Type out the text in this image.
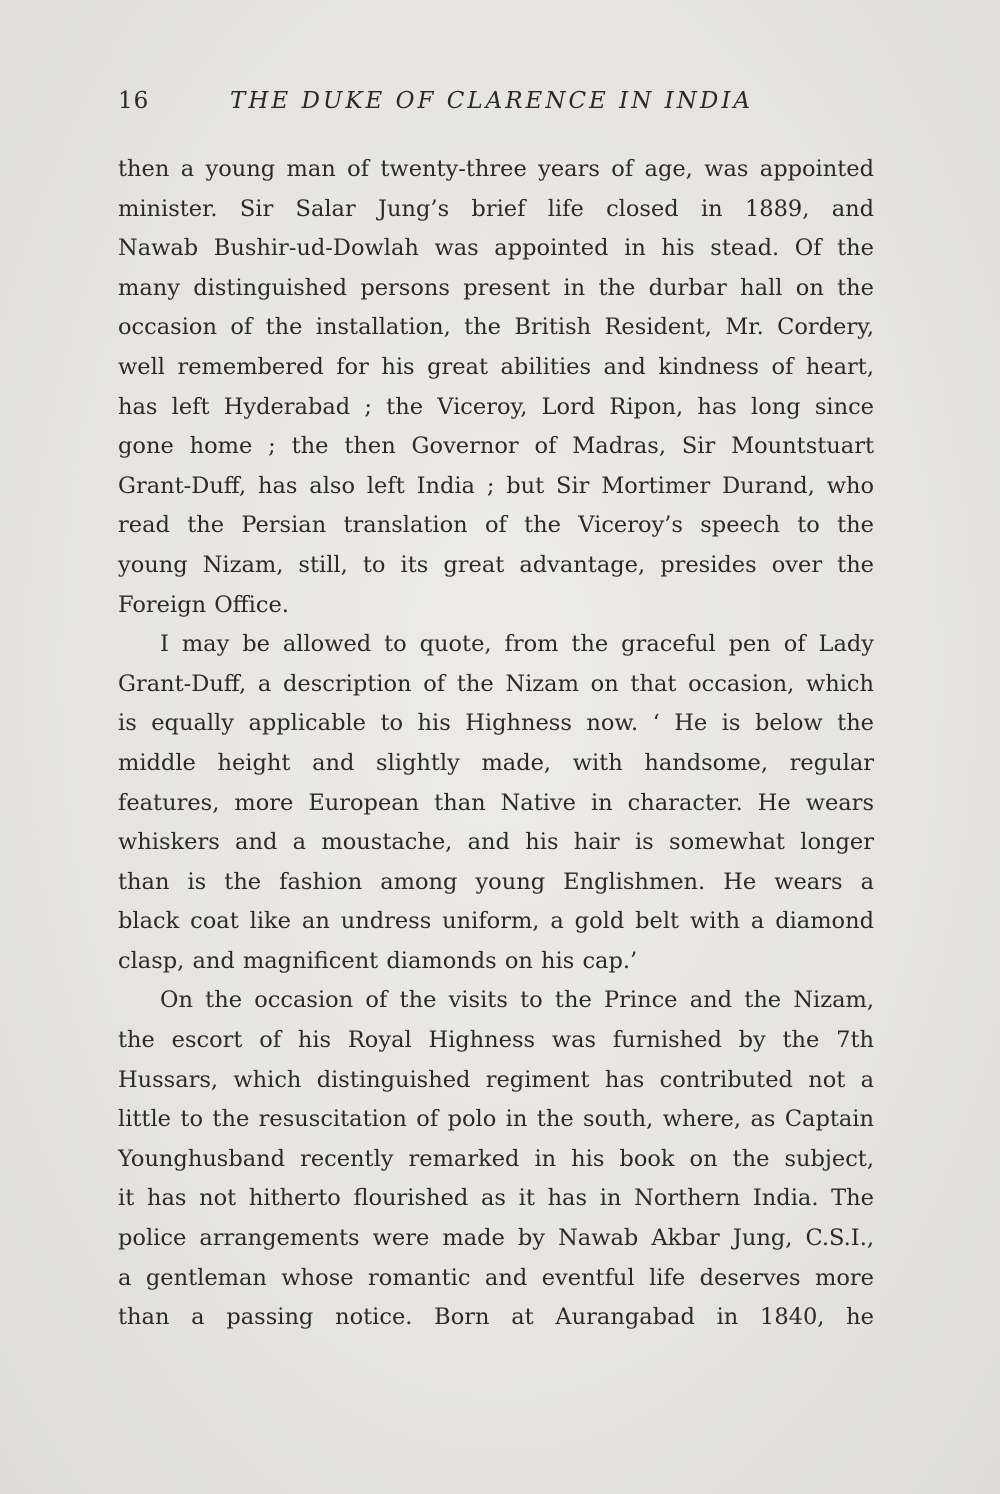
16	THE DUKE OF CLARENCE IN INDIA
then a young man of twenty-three years of age, was appointed
minister. Sir Salar Jung’s brief life closed in 1889, and
Nawab Bushir-ud-Dowlah was appointed in his stead. Of the
many distinguished persons present in the durbar hall on the
occasion of the installation, the British Resident, Mr. Cordery,
well remembered for his great abilities and kindness of heart,
has left Hyderabad ; the Viceroy, Lord Ripon, has long since
gone home ; the then Governor of Madras, Sir Mountstuart
Grant-Duff, has also left India ; but Sir Mortimer Durand, who
read the Persian translation of the Viceroy’s speech to the
young Nizam, still, to its great advantage, presides over the
Foreign Office.
I may be allowed to quote, from the graceful pen of Lady
Grant-Duff, a description of the Nizam on that occasion, which
is equally applicable to his Highness now. ‘ He is below the
middle height and slightly made, with handsome, regular
features, more European than Native in character. He wears
whiskers and a moustache, and his hair is somewhat longer
than is the fashion among young Englishmen. He wears a
black coat like an undress uniform, a gold belt with a diamond
clasp, and magnificent diamonds on his cap.’
On the occasion of the visits to the Prince and the Nizam,
the escort of his Royal Highness was furnished by the 7th
Hussars, which distinguished regiment has contributed not a
little to the resuscitation of polo in the south, where, as Captain
Younghusband recently remarked in his book on the subject,
it has not hitherto flourished as it has in Northern India. The
police arrangements were made by Nawab Akbar Jung, C.S.I.,
a gentleman whose romantic and eventful life deserves more
than a passing notice. Born at Aurangabad in 1840, he
